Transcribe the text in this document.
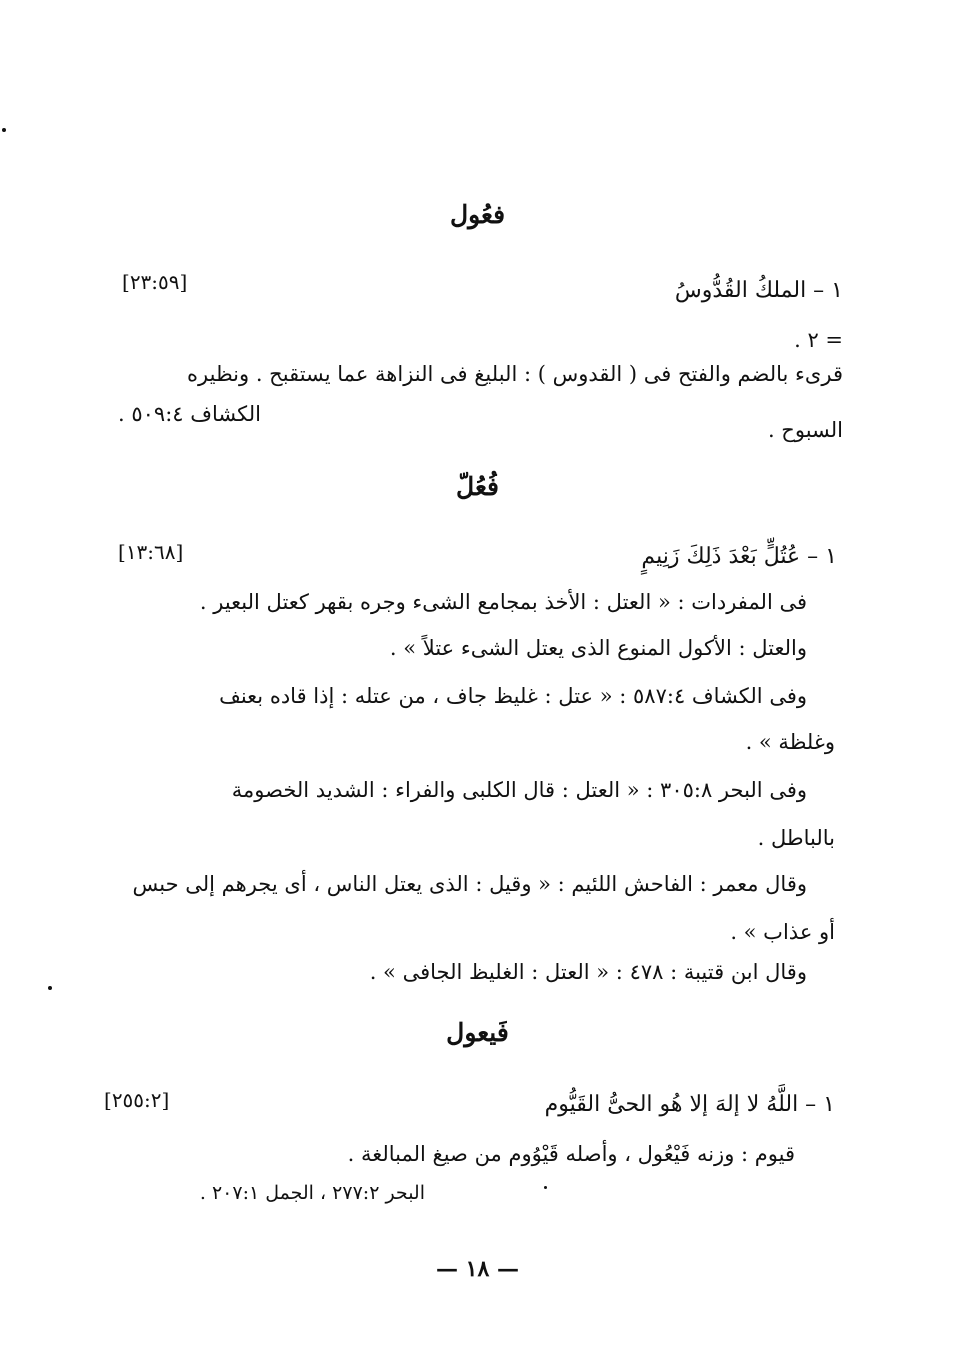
فعُول
١ – الملكُ القُدُّوسُ
[٢٣:٥٩]
= ٢ .
قرىء بالضم والفتح فى ( القدوس ) : البليغ فى النزاهة عما يستقبح . ونظيره
الكشاف ٥٠٩:٤ .
السبوح .
فُعُلّ
١ – عُتُلٍّ بَعْدَ ذَلِكَ زَنِيمٍ
[١٣:٦٨]
فى المفردات : « العتل : الأخذ بمجامع الشىء وجره بقهر كعتل البعير .
والعتل : الأكول المنوع الذى يعتل الشىء عتلاً » .
وفى الكشاف ٥٨٧:٤ : « عتل : غليظ جاف ، من عتله : إذا قاده بعنف
وغلظة » .
وفى البحر ٣٠٥:٨ : « العتل : قال الكلبى والفراء : الشديد الخصومة
بالباطل .
وقال معمر : الفاحش اللئيم : « وقيل : الذى يعتل الناس ، أى يجرهم إلى حبس
أو عذاب » .
وقال ابن قتيبة : ٤٧٨ : « العتل : الغليظ الجافى » .
فَيعول
١ – اللَّهُ لا إلهَ إلا هُو الحىُّ القَيُّوم
[٢٥٥:٢]
قيوم : وزنه فَيْعُول ، وأصله قَيْوُوم من صيغ المبالغة .
البحر ٢٧٧:٢ ، الجمل ٢٠٧:١ .
— ١٨ —
